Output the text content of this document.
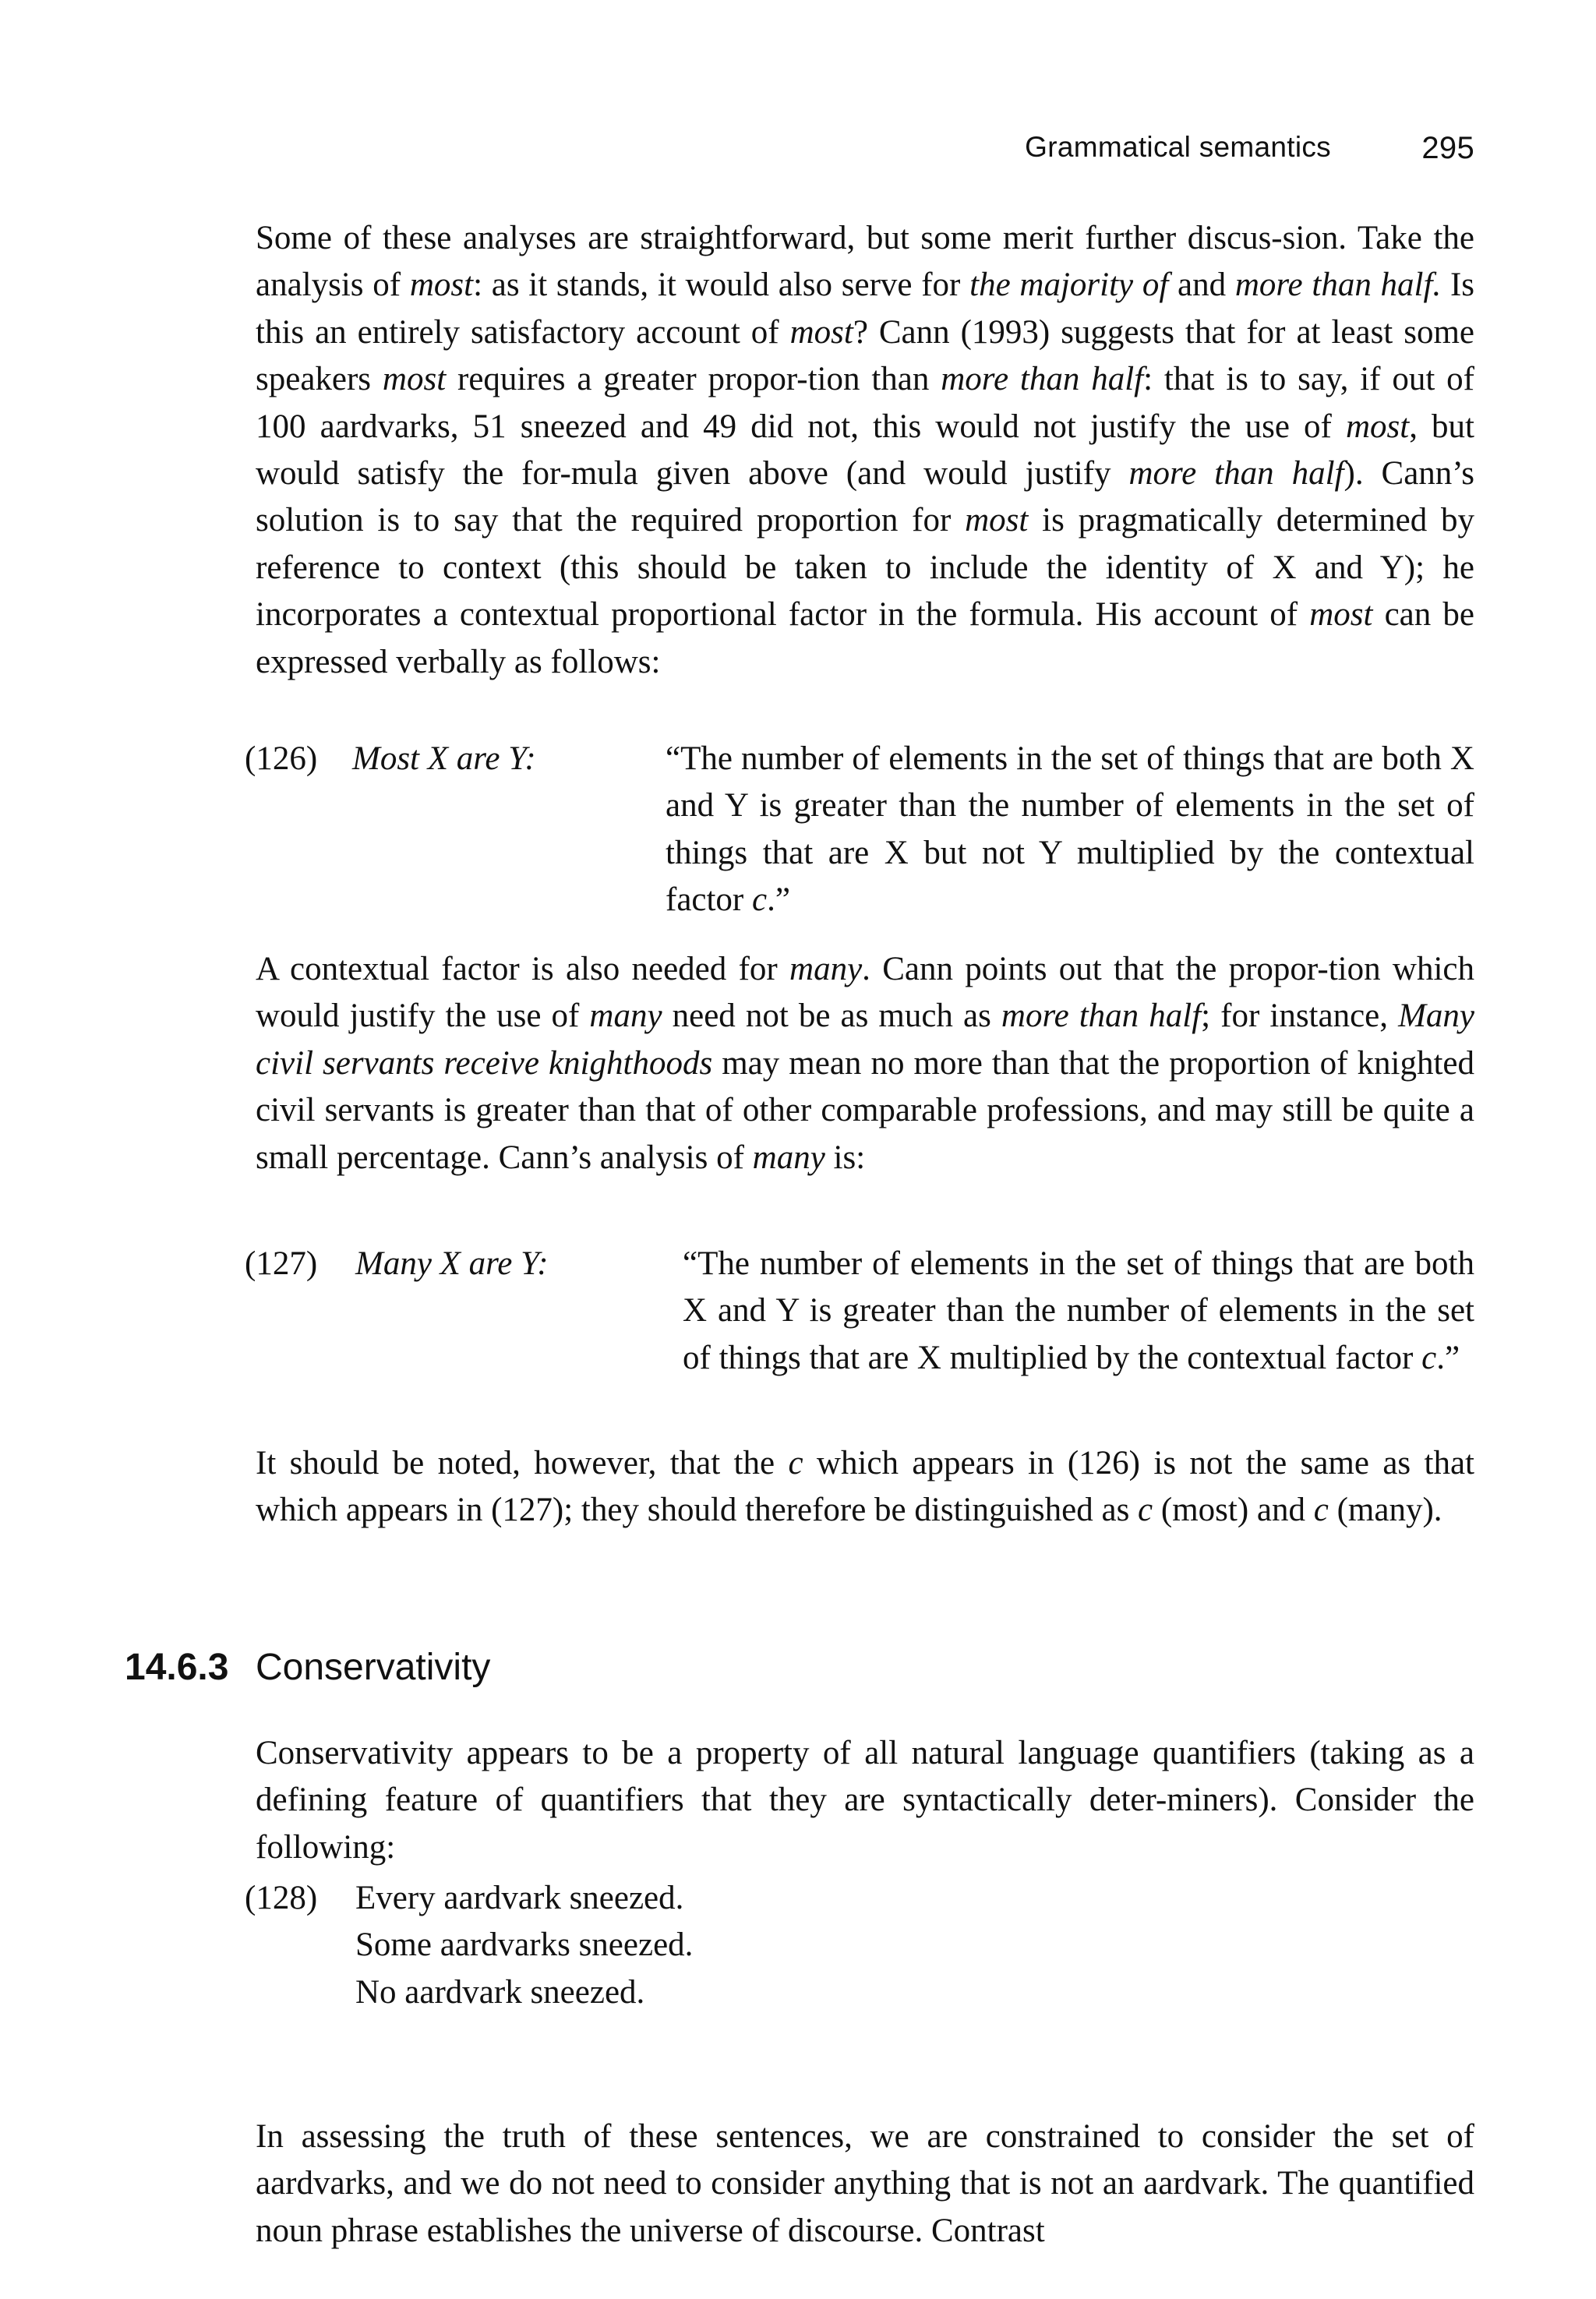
Grammatical semantics	295
Some of these analyses are straightforward, but some merit further discus-sion. Take the analysis of most: as it stands, it would also serve for the majority of and more than half. Is this an entirely satisfactory account of most? Cann (1993) suggests that for at least some speakers most requires a greater propor-tion than more than half: that is to say, if out of 100 aardvarks, 51 sneezed and 49 did not, this would not justify the use of most, but would satisfy the for-mula given above (and would justify more than half). Cann’s solution is to say that the required proportion for most is pragmatically determined by reference to context (this should be taken to include the identity of X and Y); he incorporates a contextual proportional factor in the formula. His account of most can be expressed verbally as follows:
(126) Most X are Y:	“The number of elements in the set of things that are both X and Y is greater than the number of elements in the set of things that are X but not Y multiplied by the contextual factor c.”
A contextual factor is also needed for many. Cann points out that the propor-tion which would justify the use of many need not be as much as more than half; for instance, Many civil servants receive knighthoods may mean no more than that the proportion of knighted civil servants is greater than that of other comparable professions, and may still be quite a small percentage. Cann’s analysis of many is:
(127) Many X are Y:	“The number of elements in the set of things that are both X and Y is greater than the number of elements in the set of things that are X multiplied by the contextual factor c.”
It should be noted, however, that the c which appears in (126) is not the same as that which appears in (127); they should therefore be distinguished as c (most) and c (many).
14.6.3 Conservativity
Conservativity appears to be a property of all natural language quantifiers (taking as a defining feature of quantifiers that they are syntactically deter-miners). Consider the following:
(128) Every aardvark sneezed.
Some aardvarks sneezed.
No aardvark sneezed.
In assessing the truth of these sentences, we are constrained to consider the set of aardvarks, and we do not need to consider anything that is not an aardvark. The quantified noun phrase establishes the universe of discourse. Contrast
